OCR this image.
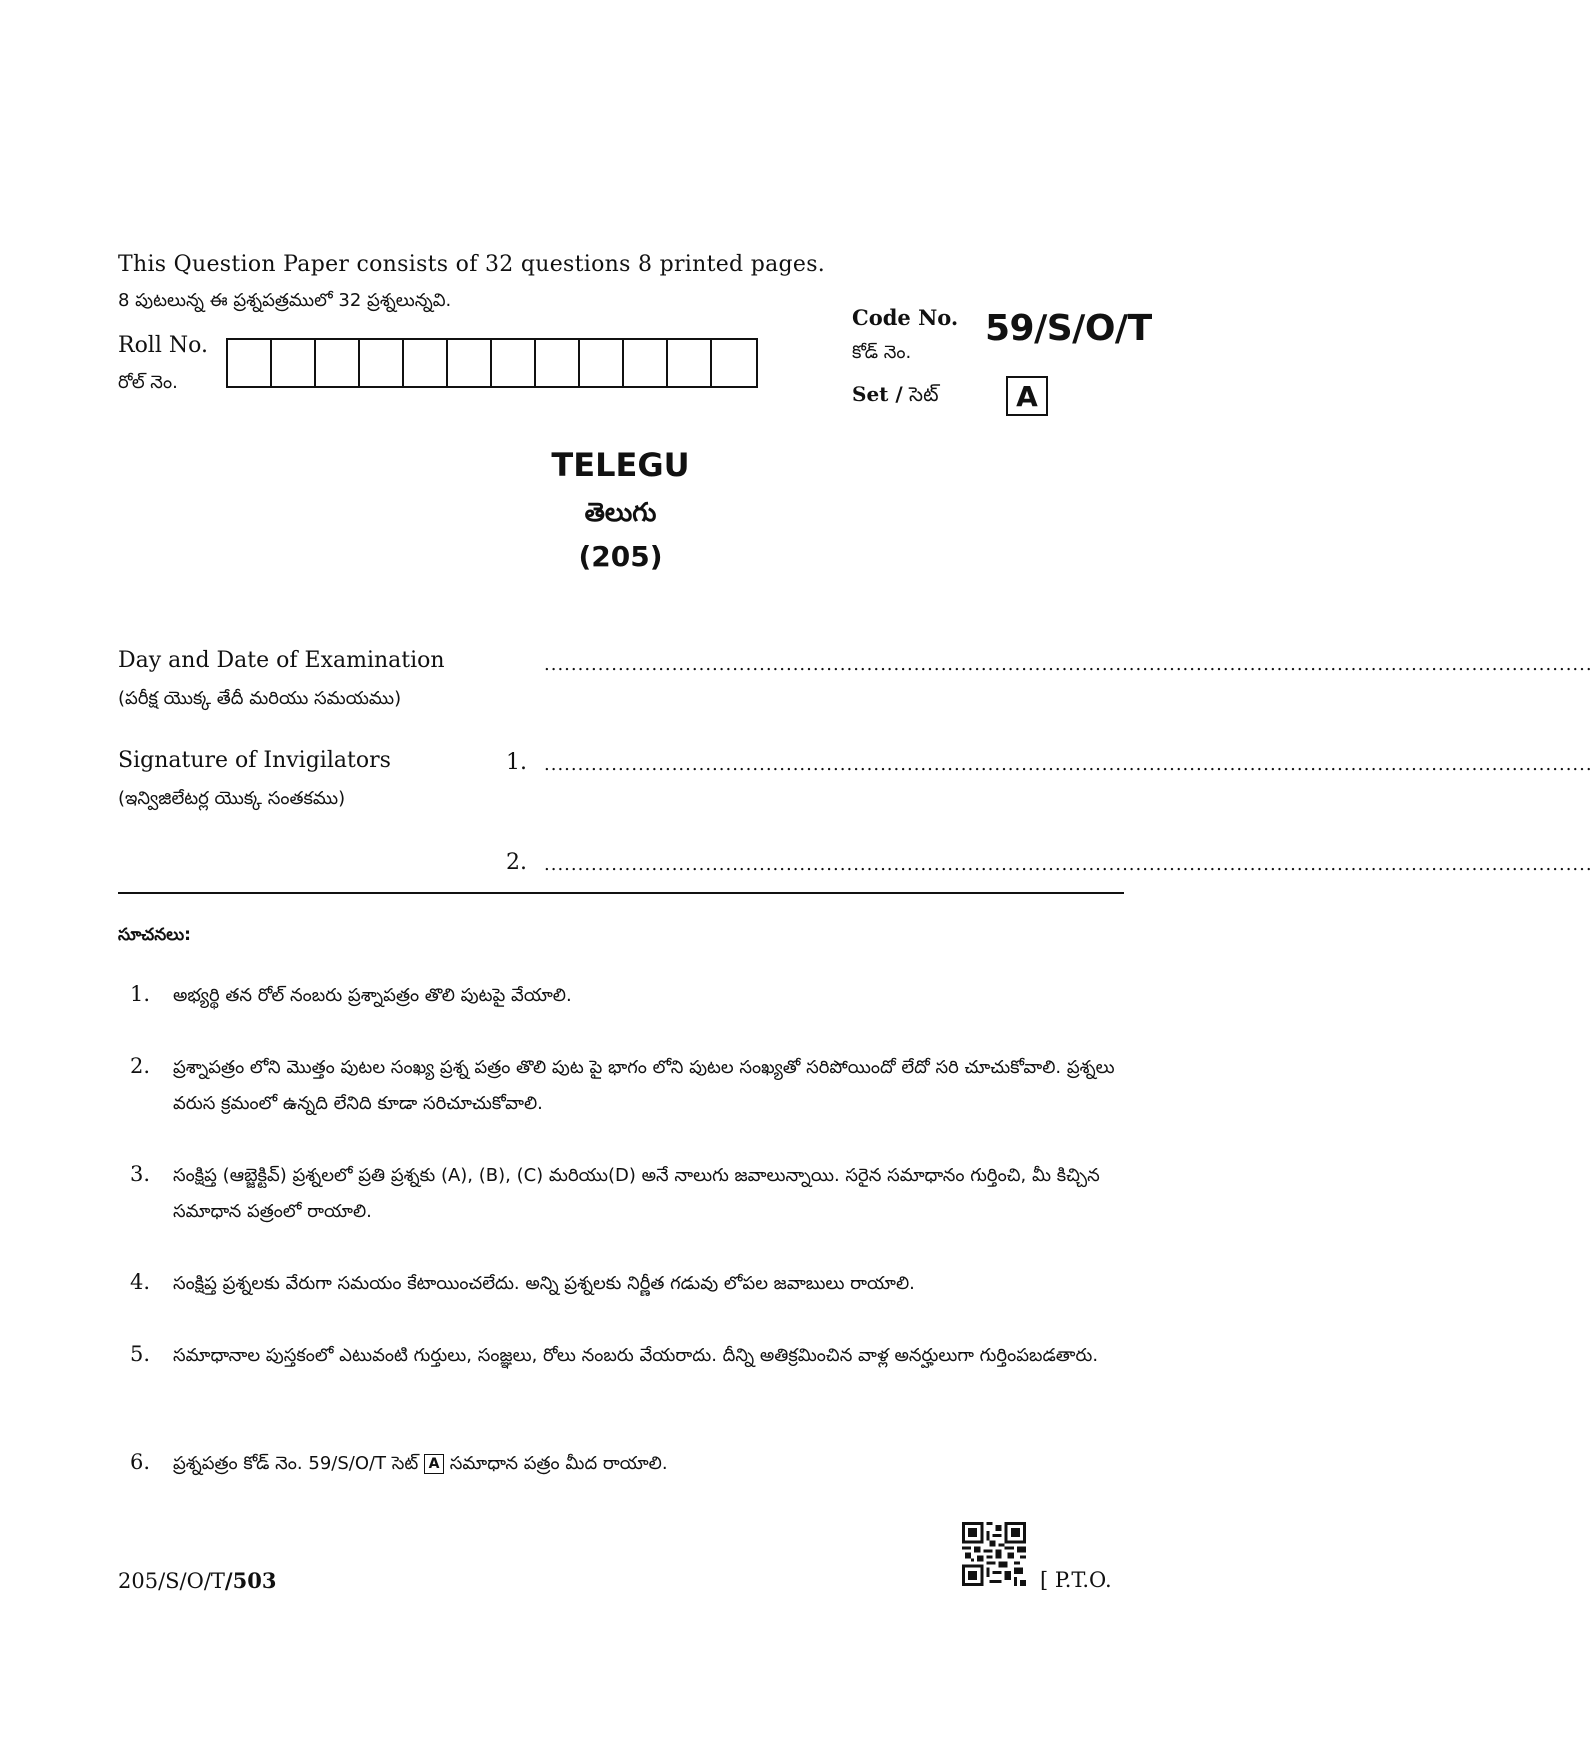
This Question Paper consists of 32 questions 8 printed pages.
8 పుటలున్న ఈ ప్రశ్నపత్రములో 32 ప్రశ్నలున్నవి.
Roll No.
రోల్ నెం.
Code No.
కోడ్ నెం.
59/S/O/T
Set / సెట్	A
TELEGU
తెలుగు
(205)
Day and Date of Examination
(పరీక్ష యొక్క తేదీ మరియు సమయము)
............................................................................................................................................................
Signature of Invigilators
(ఇన్విజిలేటర్ల యొక్క సంతకము)
1. ............................................................................................................................................................
2. ............................................................................................................................................................
సూచనలు:
1. అభ్యర్థి తన రోల్ నంబరు ప్రశ్నాపత్రం తొలి పుటపై వేయాలి.
2. ప్రశ్నాపత్రం లోని మొత్తం పుటల సంఖ్య ప్రశ్న పత్రం తొలి పుట పై భాగం లోని పుటల సంఖ్యతో సరిపోయిందో లేదో సరి చూచుకోవాలి. ప్రశ్నలు వరుస క్రమంలో ఉన్నది లేనిది కూడా సరిచూచుకోవాలి.
3. సంక్షిప్త (ఆబ్జెక్టివ్) ప్రశ్నలలో ప్రతి ప్రశ్నకు (A), (B), (C) మరియు(D) అనే నాలుగు జవాలున్నాయి. సరైన సమాధానం గుర్తించి, మీ కిచ్చిన సమాధాన పత్రంలో రాయాలి.
4. సంక్షిప్త ప్రశ్నలకు వేరుగా సమయం కేటాయించలేదు. అన్ని ప్రశ్నలకు నిర్ణీత గడువు లోపల జవాబులు రాయాలి.
5. సమాధానాల పుస్తకంలో ఎటువంటి గుర్తులు, సంజ్ఞలు, రోలు నంబరు వేయరాదు. దీన్ని అతిక్రమించిన వాళ్ల అనర్హులుగా గుర్తింపబడతారు.
6. ప్రశ్నపత్రం కోడ్ నెం. 59/S/O/T సెట్ A సమాధాన పత్రం మీద రాయాలి.
205/S/O/T/503	[ P.T.O.
